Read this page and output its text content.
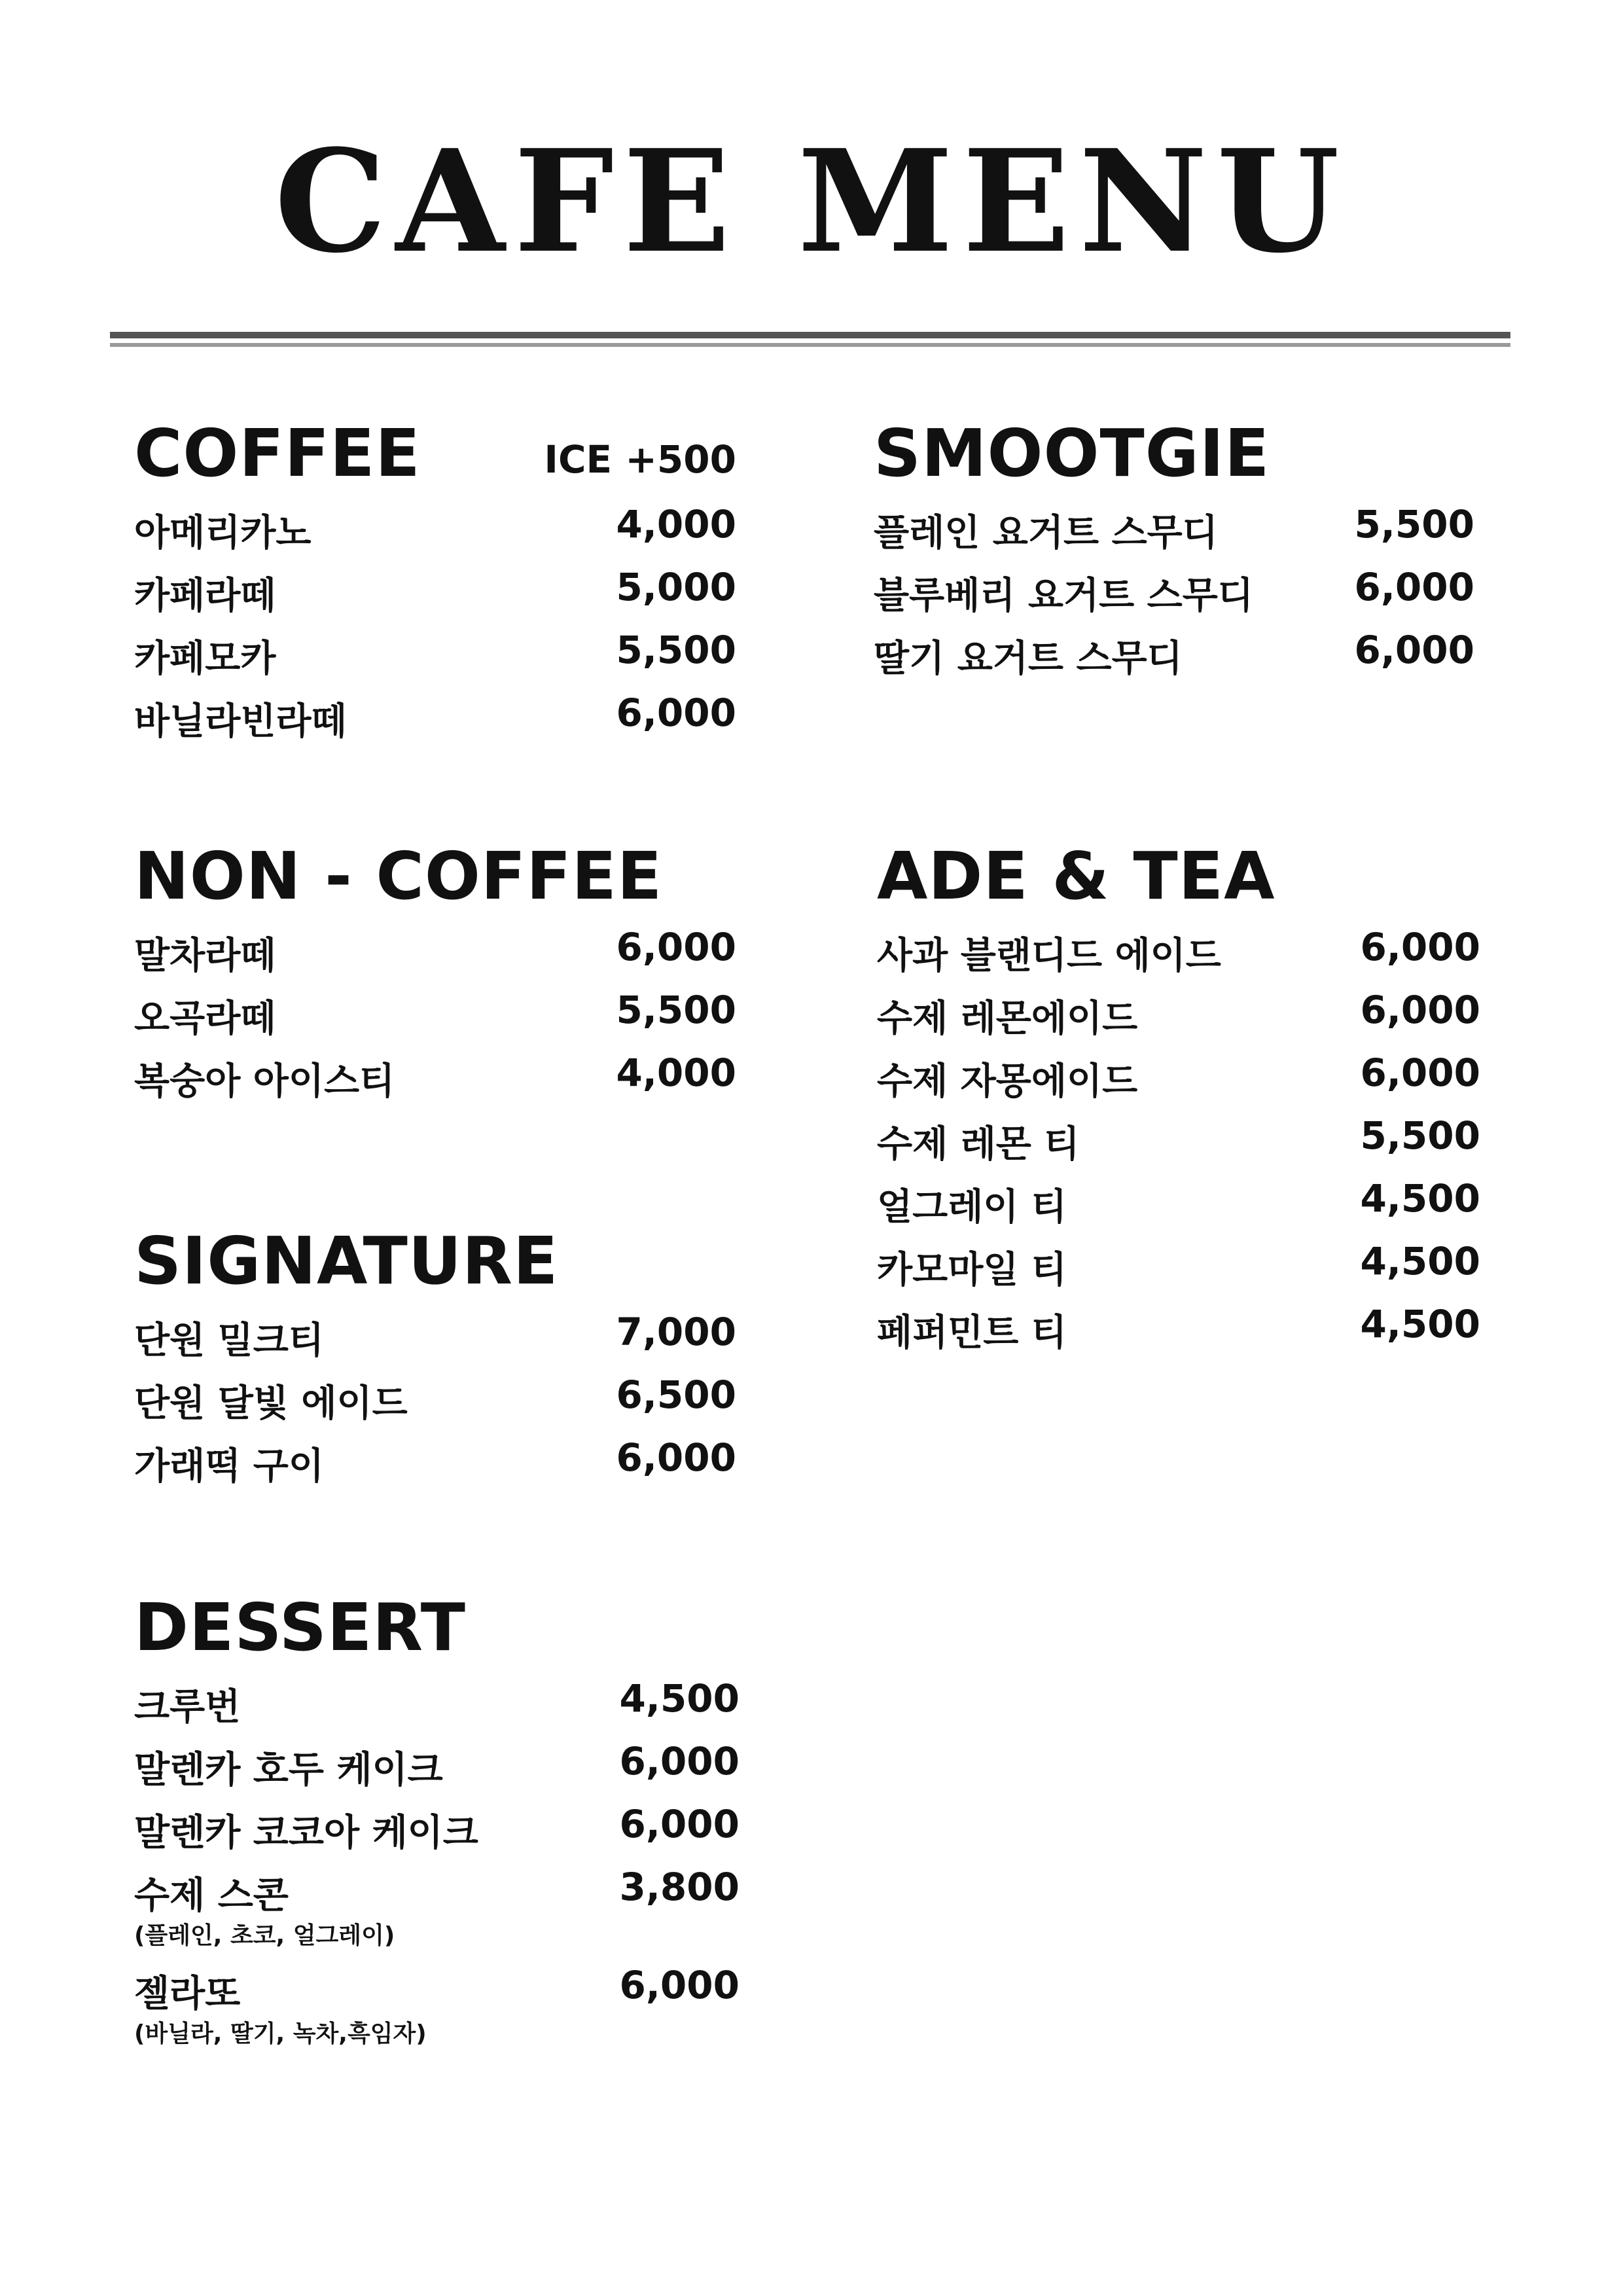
CAFE MENU
COFFEE	ICE +500
아메리카노	4,000
카페라떼	5,000
카페모카	5,500
바닐라빈라떼	6,000
NON - COFFEE
말차라떼	6,000
오곡라떼	5,500
복숭아 아이스티	4,000
SIGNATURE
단원 밀크티	7,000
단원 달빛 에이드	6,500
가래떡 구이	6,000
DESSERT
크루번	4,500
말렌카 호두 케이크	6,000
말렌카 코코아 케이크	6,000
수제 스콘	3,800
(플레인, 초코, 얼그레이)
젤라또	6,000
(바닐라, 딸기, 녹차,흑임자)
SMOOTGIE
플레인 요거트 스무디	5,500
블루베리 요거트 스무디	6,000
딸기 요거트 스무디	6,000
ADE & TEA
사과 블랜디드 에이드	6,000
수제 레몬에이드	6,000
수제 자몽에이드	6,000
수제 레몬 티	5,500
얼그레이 티	4,500
카모마일 티	4,500
페퍼민트 티	4,500
